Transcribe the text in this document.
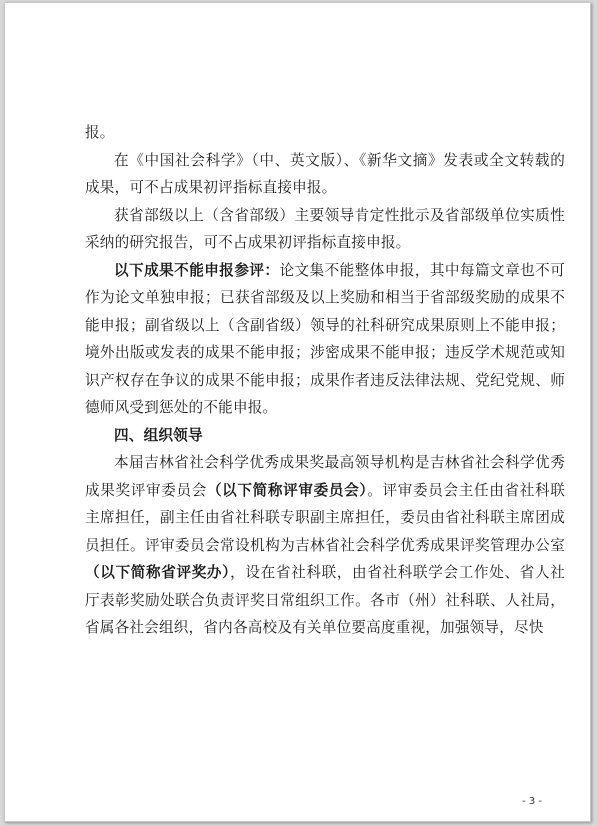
报。

在《中国社会科学》（中、英文版）、《新华文摘》发表或全文转载的成果，可不占成果初评指标直接申报。

获省部级以上（含省部级）主要领导肯定性批示及省部级单位实质性采纳的研究报告，可不占成果初评指标直接申报。

以下成果不能申报参评：论文集不能整体申报，其中每篇文章也不可作为论文单独申报；已获省部级及以上奖励和相当于省部级奖励的成果不能申报；副省级以上（含副省级）领导的社科研究成果原则上不能申报；境外出版或发表的成果不能申报；涉密成果不能申报；违反学术规范或知识产权存在争议的成果不能申报；成果作者违反法律法规、党纪党规、师德师风受到惩处的不能申报。

四、组织领导

本届吉林省社会科学优秀成果奖最高领导机构是吉林省社会科学优秀成果奖评审委员会（以下简称评审委员会）。评审委员会主任由省社科联主席担任，副主任由省社科联专职副主席担任，委员由省社科联主席团成员担任。评审委员会常设机构为吉林省社会科学优秀成果评奖管理办公室（以下简称省评奖办），设在省社科联，由省社科联学会工作处、省人社厅表彰奖励处联合负责评奖日常组织工作。各市（州）社科联、人社局，省属各社会组织，省内各高校及有关单位要高度重视，加强领导，尽快

- 3 -
